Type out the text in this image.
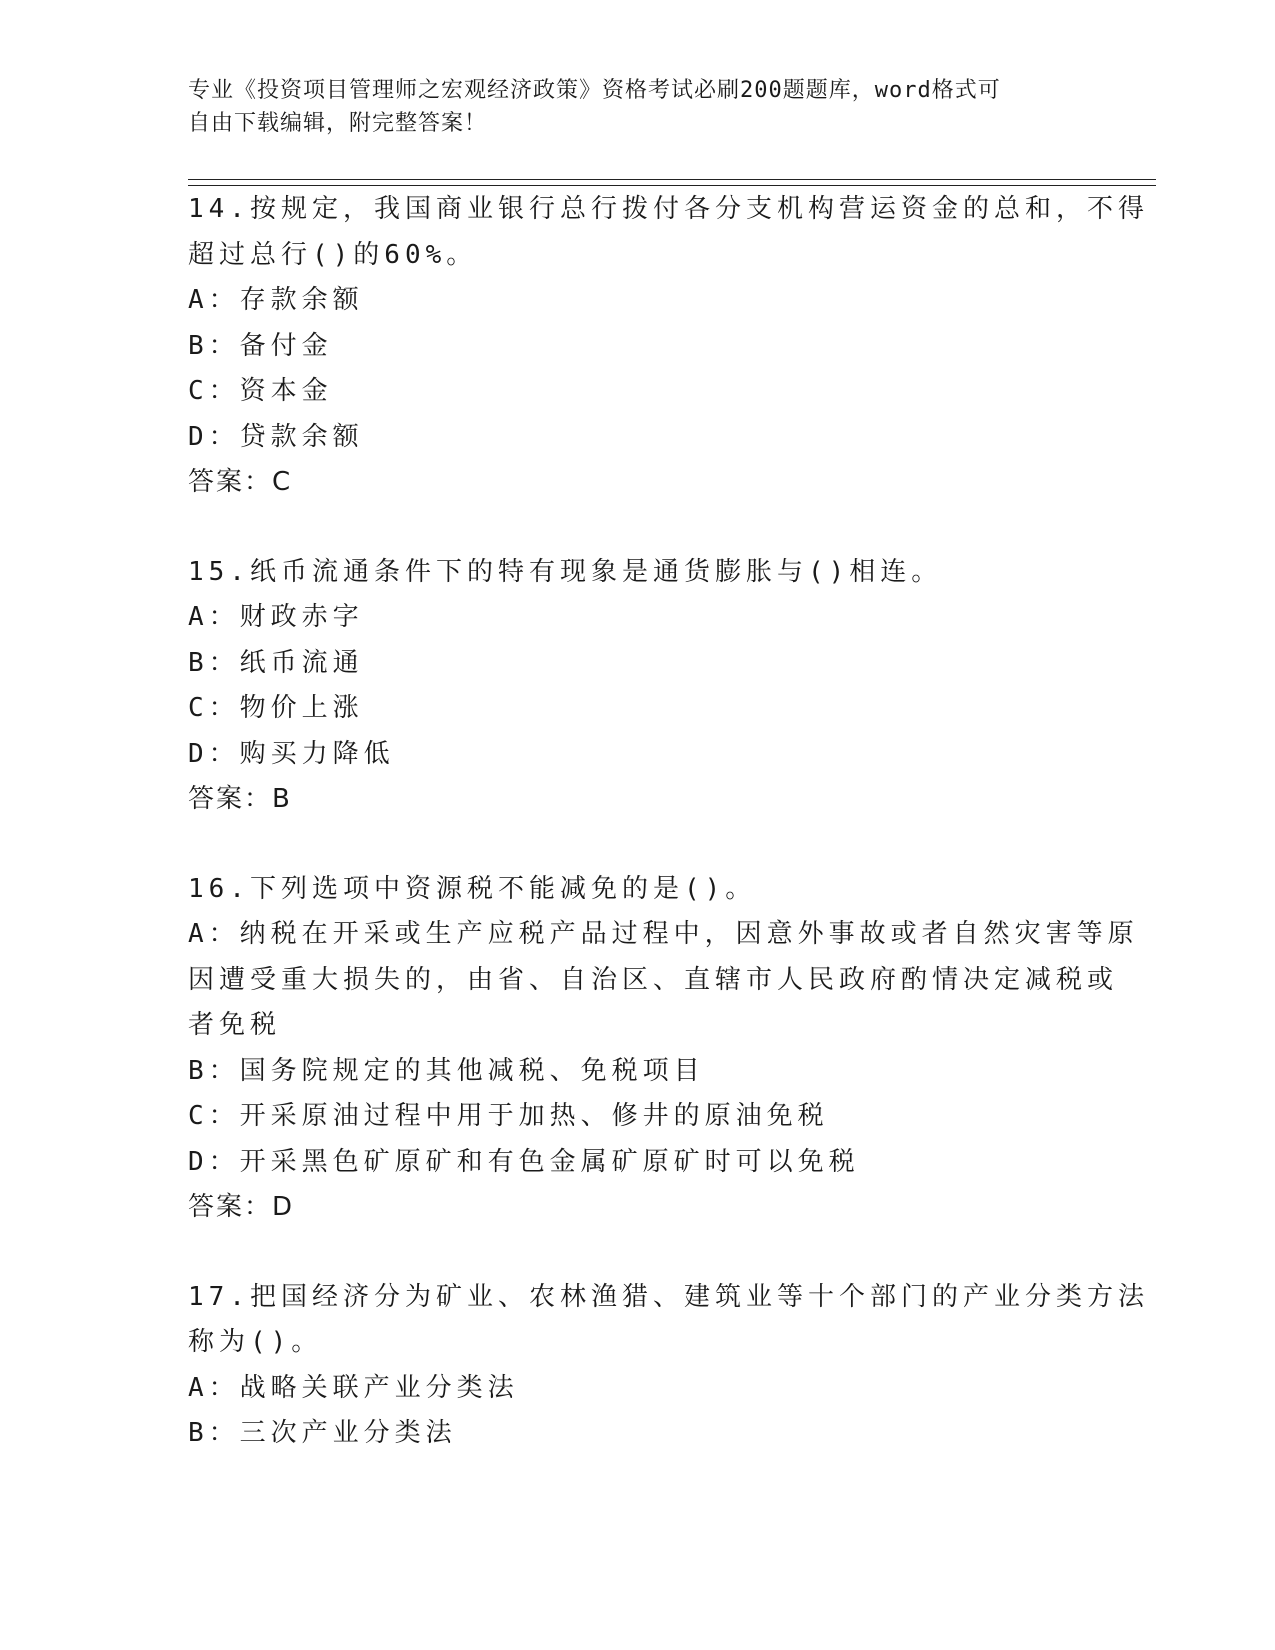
专业《投资项目管理师之宏观经济政策》资格考试必刷200题题库，word格式可
自由下载编辑，附完整答案！
14.按规定，我国商业银行总行拨付各分支机构营运资金的总和，不得
超过总行()的60%。
A：存款余额
B：备付金
C：资本金
D：贷款余额
答案：C
15.纸币流通条件下的特有现象是通货膨胀与()相连。
A：财政赤字
B：纸币流通
C：物价上涨
D：购买力降低
答案：B
16.下列选项中资源税不能减免的是()。
A：纳税在开采或生产应税产品过程中，因意外事故或者自然灾害等原
因遭受重大损失的，由省、自治区、直辖市人民政府酌情决定减税或
者免税
B：国务院规定的其他减税、免税项目
C：开采原油过程中用于加热、修井的原油免税
D：开采黑色矿原矿和有色金属矿原矿时可以免税
答案：D
17.把国经济分为矿业、农林渔猎、建筑业等十个部门的产业分类方法
称为()。
A：战略关联产业分类法
B：三次产业分类法
